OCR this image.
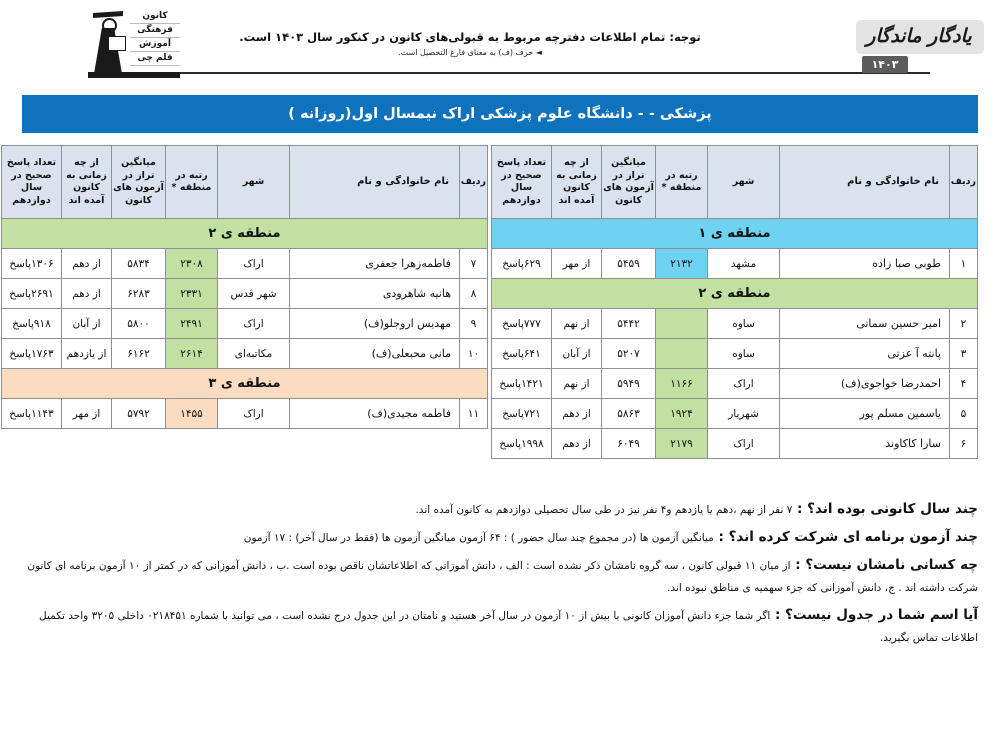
کانون
فرهنگی
آموزش
قلم چی
توجه: تمام اطلاعات دفترچه مربوط به قبولی‌های کانون در کنکور سال ۱۴۰۳ است.
◄ حرف (ف) به معنای فارغ التحصیل است.
یادگار ماندگار
۱۴۰۳
پزشکی - - دانشگاه علوم پزشکی اراک نیمسال اول(روزانه )
ردیف	نام خانوادگی و نام	شهر	رتبه در منطقه *	میانگین تراز در آزمون های کانون	از چه زمانی به کانون آمده اند	تعداد پاسخ صحیح در سال دوازدهم
منطقه ی ۱						
۱	طوبی صبا زاده	مشهد	۲۱۳۲	۵۴۵۹	از مهر	۶۲۹پاسخ
منطقه ی ۲						
۲	امیر حسین سماتی	ساوه		۵۴۴۲	از نهم	۷۷۷پاسخ
۳	پانته آ عزتی	ساوه		۵۲۰۷	از آبان	۶۴۱پاسخ
۴	احمدرضا خواجوی(ف)	اراک	۱۱۶۶	۵۹۴۹	از نهم	۱۴۲۱پاسخ
۵	یاسمین مسلم پور	شهریار	۱۹۲۴	۵۸۶۳	از دهم	۷۲۱پاسخ
۶	سارا کاکاوند	اراک	۲۱۷۹	۶۰۴۹	از دهم	۱۹۹۸پاسخ
ردیف	نام خانوادگی و نام	شهر	رتبه در منطقه *	میانگین تراز در آزمون های کانون	از چه زمانی به کانون آمده اند	تعداد پاسخ صحیح در سال دوازدهم
منطقه ی ۲						
۷	فاطمه‌زهرا جعفری	اراک	۲۳۰۸	۵۸۳۴	از دهم	۱۳۰۶پاسخ
۸	هانیه شاهرودی	شهر قدس	۲۳۳۱	۶۲۸۳	از دهم	۲۶۹۱پاسخ
۹	مهدیس اروجلو(ف)	اراک	۲۴۹۱	۵۸۰۰	از آبان	۹۱۸پاسخ
۱۰	مانی محبعلی(ف)	مکاتبه‌ای	۲۶۱۴	۶۱۶۲	از یازدهم	۱۷۶۳پاسخ
منطقه ی ۳						
۱۱	فاطمه مجیدی(ف)	اراک	۱۴۵۵	۵۷۹۲	از مهر	۱۱۴۳پاسخ

چند سال کانونی بوده اند؟ : ۷ نفر از نهم ،دهم یا یازدهم و۴ نفر نیز در طی سال تحصیلی دوازدهم به کانون آمده اند.

چند آزمون برنامه ای شرکت کرده اند؟ : میانگین آزمون ها (در مجموع چند سال حضور ) : ۶۴ آزمون میانگین آزمون ها (فقط در سال آخر) : ۱۷ آزمون

چه کسانی نامشان نیست؟ : از میان ۱۱ قبولی کانون ، سه گروه نامشان ذکر نشده است : الف ، دانش آموزانی که اطلاعاتشان ناقص بوده است .ب ، دانش آموزانی که در کمتر از ۱۰ آزمون برنامه ای کانون شرکت داشته اند . ج، دانش آموزانی که جزء سهمیه ی مناطق نبوده اند.

آیا اسم شما در جدول نیست؟ : اگر شما جزء دانش آموزان کانونی با بیش از ۱۰ آزمون در سال آخر هستید و نامتان در این جدول درج نشده است ، می توانید با شماره ۰۲۱۸۴۵۱ داخلی ۳۲۰۵ واحد تکمیل اطلاعات تماس بگیرید.
